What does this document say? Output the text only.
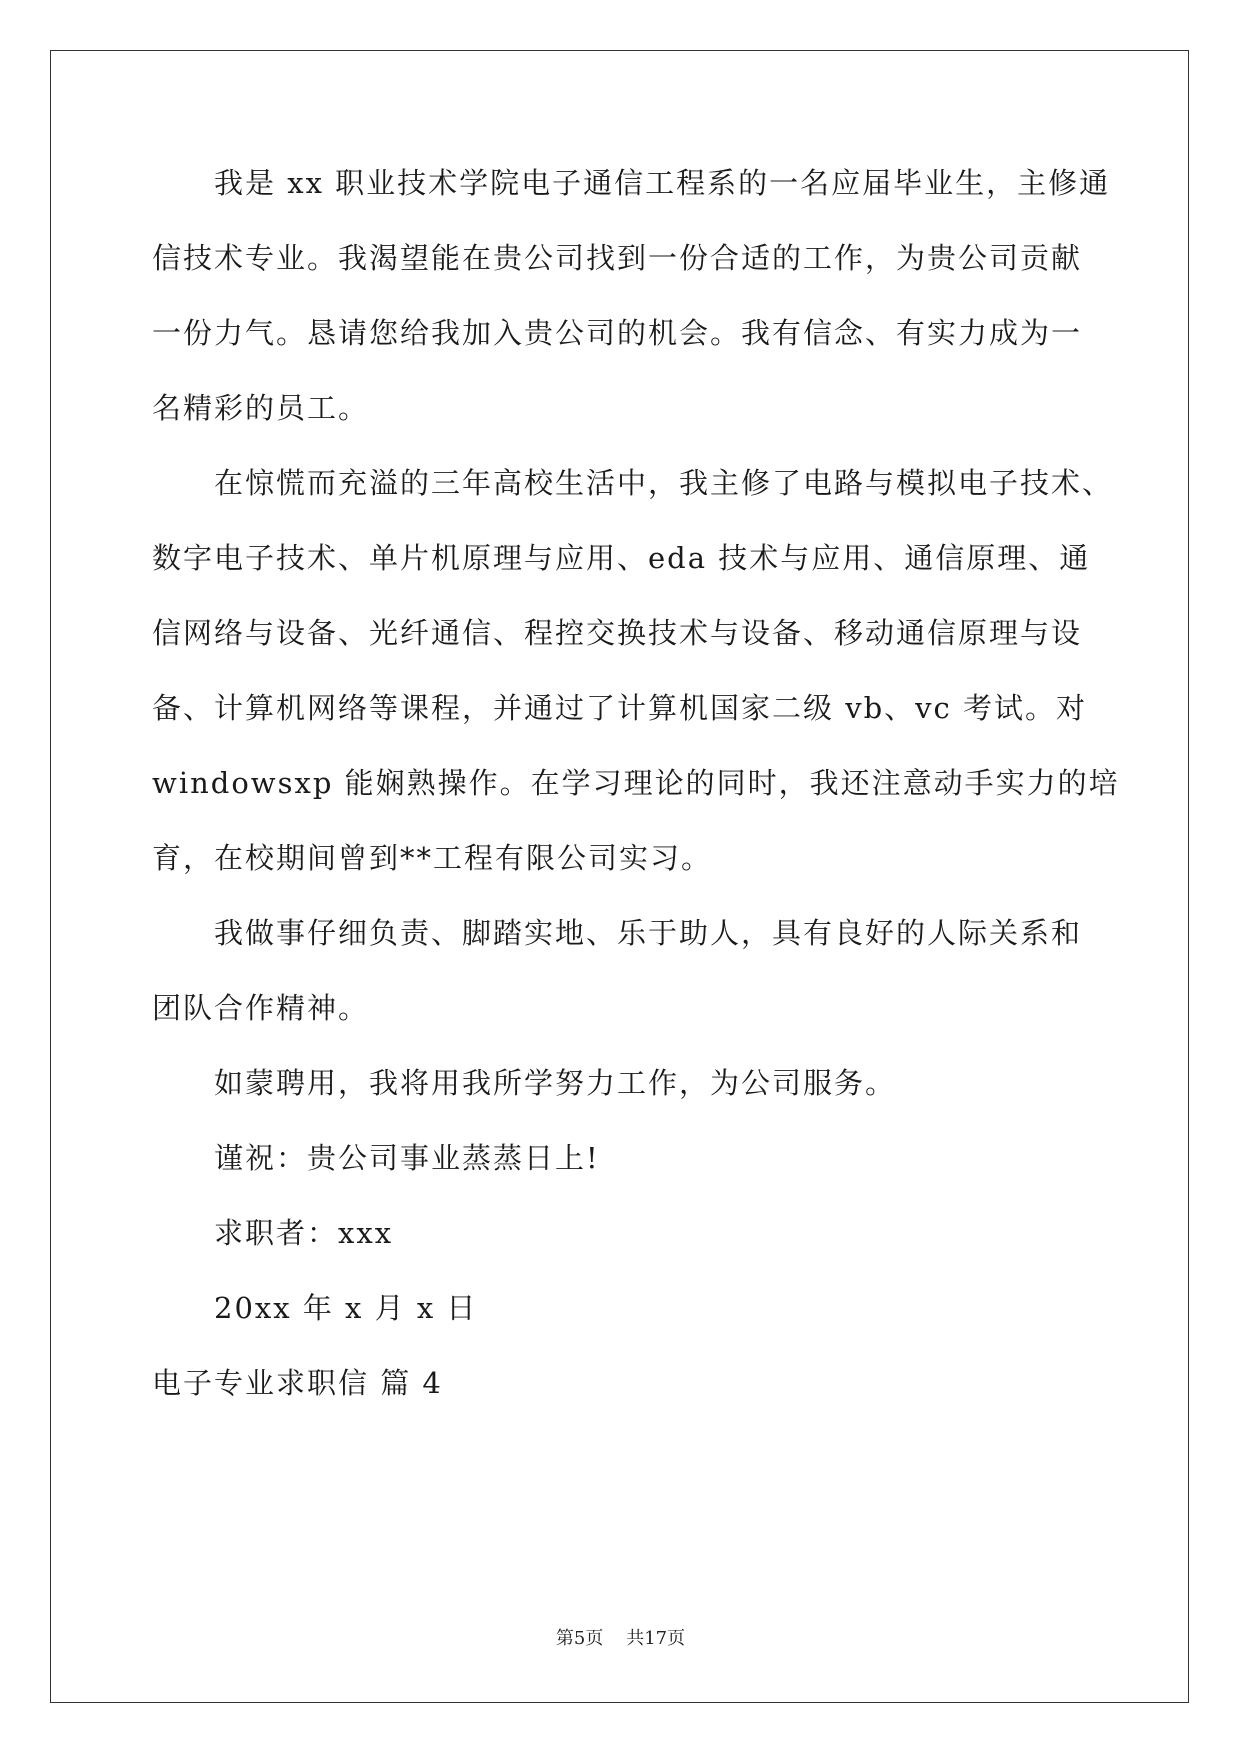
我是 xx 职业技术学院电子通信工程系的一名应届毕业生，主修通
信技术专业。我渴望能在贵公司找到一份合适的工作，为贵公司贡献
一份力气。恳请您给我加入贵公司的机会。我有信念、有实力成为一
名精彩的员工。
在惊慌而充溢的三年高校生活中，我主修了电路与模拟电子技术、
数字电子技术、单片机原理与应用、eda 技术与应用、通信原理、通
信网络与设备、光纤通信、程控交换技术与设备、移动通信原理与设
备、计算机网络等课程，并通过了计算机国家二级 vb、vc 考试。对
windowsxp 能娴熟操作。在学习理论的同时，我还注意动手实力的培
育，在校期间曾到**工程有限公司实习。
我做事仔细负责、脚踏实地、乐于助人，具有良好的人际关系和
团队合作精神。
如蒙聘用，我将用我所学努力工作，为公司服务。
谨祝：贵公司事业蒸蒸日上!
求职者：xxx
20xx 年 x 月 x 日
电子专业求职信 篇 4
第5页 共17页
